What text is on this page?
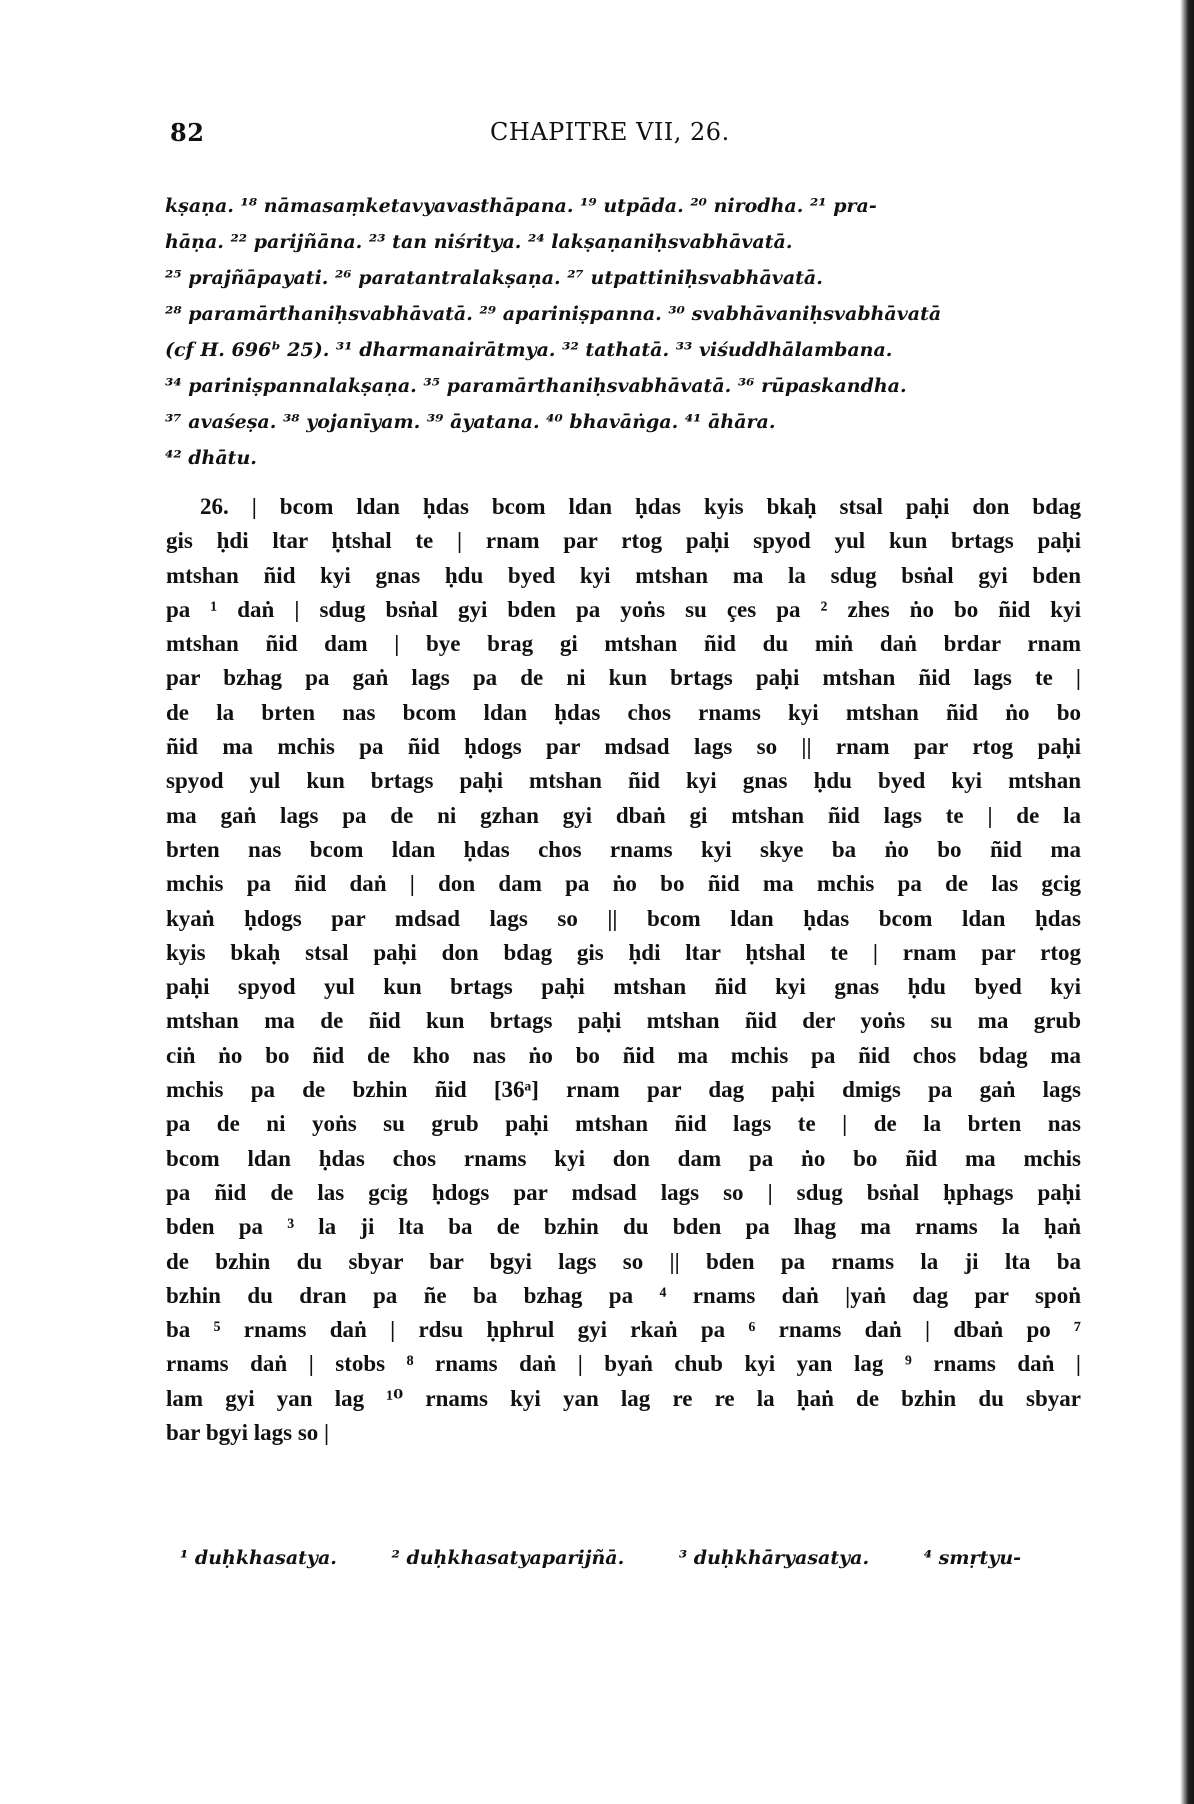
82	CHAPITRE VII, 26.
kṣaṇa. ¹⁸ nāmasaṃketavyavasthāpana. ¹⁹ utpāda. ²⁰ nirodha. ²¹ pra-
hāṇa. ²² parijñāna. ²³ tan niśritya. ²⁴ lakṣaṇaniḥsvabhāvatā.
²⁵ prajñāpayati. ²⁶ paratantralakṣaṇa. ²⁷ utpattiniḥsvabhāvatā.
²⁸ paramārthaniḥsvabhāvatā. ²⁹ apariniṣpanna. ³⁰ svabhāvaniḥsvabhāvatā
(cf H. 696ᵇ 25). ³¹ dharmanairātmya. ³² tathatā. ³³ viśuddhālambana.
³⁴ pariniṣpannalakṣaṇa. ³⁵ paramārthaniḥsvabhāvatā. ³⁶ rūpaskandha.
³⁷ avaśeṣa. ³⁸ yojanīyam. ³⁹ āyatana. ⁴⁰ bhavāṅga. ⁴¹ āhāra.
⁴² dhātu.
26. | bcom ldan ḥdas bcom ldan ḥdas kyis bkaḥ stsal paḥi don bdag
gis ḥdi ltar ḥtshal te | rnam par rtog paḥi spyod yul kun brtags paḥi
mtshan ñid kyi gnas ḥdu byed kyi mtshan ma la sdug bsṅal gyi bden
pa ¹ daṅ | sdug bsṅal gyi bden pa yoṅs su çes pa ² zhes ṅo bo ñid kyi
mtshan ñid dam | bye brag gi mtshan ñid du miṅ daṅ brdar rnam
par bzhag pa gaṅ lags pa de ni kun brtags paḥi mtshan ñid lags te |
de la brten nas bcom ldan ḥdas chos rnams kyi mtshan ñid ṅo bo
ñid ma mchis pa ñid ḥdogs par mdsad lags so || rnam par rtog paḥi
spyod yul kun brtags paḥi mtshan ñid kyi gnas ḥdu byed kyi mtshan
ma gaṅ lags pa de ni gzhan gyi dbaṅ gi mtshan ñid lags te | de la
brten nas bcom ldan ḥdas chos rnams kyi skye ba ṅo bo ñid ma
mchis pa ñid daṅ | don dam pa ṅo bo ñid ma mchis pa de las gcig
kyaṅ ḥdogs par mdsad lags so || bcom ldan ḥdas bcom ldan ḥdas
kyis bkaḥ stsal paḥi don bdag gis ḥdi ltar ḥtshal te | rnam par rtog
paḥi spyod yul kun brtags paḥi mtshan ñid kyi gnas ḥdu byed kyi
mtshan ma de ñid kun brtags paḥi mtshan ñid der yoṅs su ma grub
ciṅ ṅo bo ñid de kho nas ṅo bo ñid ma mchis pa ñid chos bdag ma
mchis pa de bzhin ñid [36ᵃ] rnam par dag paḥi dmigs pa gaṅ lags
pa de ni yoṅs su grub paḥi mtshan ñid lags te | de la brten nas
bcom ldan ḥdas chos rnams kyi don dam pa ṅo bo ñid ma mchis
pa ñid de las gcig ḥdogs par mdsad lags so | sdug bsṅal ḥphags paḥi
bden pa ³ la ji lta ba de bzhin du bden pa lhag ma rnams la ḥaṅ
de bzhin du sbyar bar bgyi lags so || bden pa rnams la ji lta ba
bzhin du dran pa ñe ba bzhag pa ⁴ rnams daṅ |yaṅ dag par spoṅ
ba ⁵ rnams daṅ | rdsu ḥphrul gyi rkaṅ pa ⁶ rnams daṅ | dbaṅ po ⁷
rnams daṅ | stobs ⁸ rnams daṅ | byaṅ chub kyi yan lag ⁹ rnams daṅ |
lam gyi yan lag ¹⁰ rnams kyi yan lag re re la ḥaṅ de bzhin du sbyar
bar bgyi lags so |
¹ duḥkhasatya.	² duḥkhasatyaparijñā.	³ duḥkhāryasatya.	⁴ smṛtyu-
